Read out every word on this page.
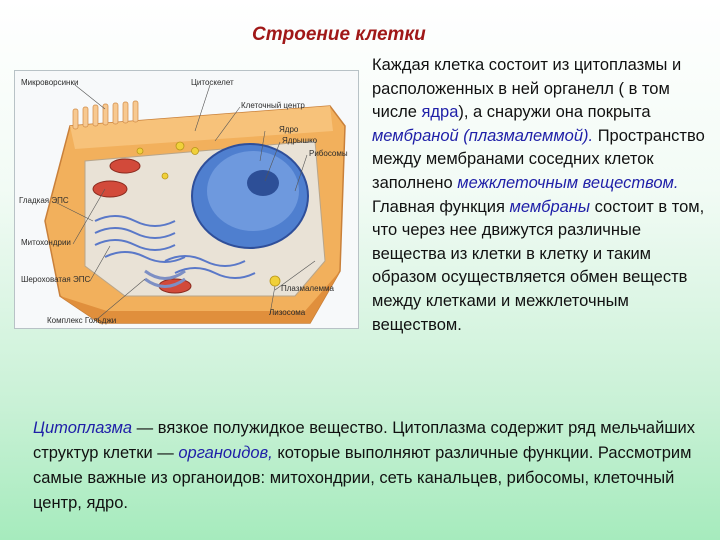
Строение клетки
Микроворсинки	Цитоскелет
Клеточный центр
Ядро
Ядрышко
Рибосомы
Гладкая ЭПС
Митохондрии
Шероховатая ЭПС
Плазмалемма
Лизосома
Комплекс Гольджи
Каждая клетка состоит из цитоплазмы и расположенных в ней органелл ( в том числе ядра), а снаружи она покрыта мембраной (плазмалеммой). Пространство между мембранами соседних клеток заполнено межклеточным веществом. Главная функция мембраны состоит в том, что через нее движутся различные вещества из клетки в клетку и таким образом осуществляется обмен веществ между клетками и межклеточным веществом.
Цитоплазма — вязкое полужидкое вещество. Цитоплазма содержит ряд мельчайших структур клетки — органоидов, которые выполняют различные функции. Рассмотрим самые важные из органоидов: митохондрии, сеть канальцев, рибосомы, клеточный центр, ядро.
